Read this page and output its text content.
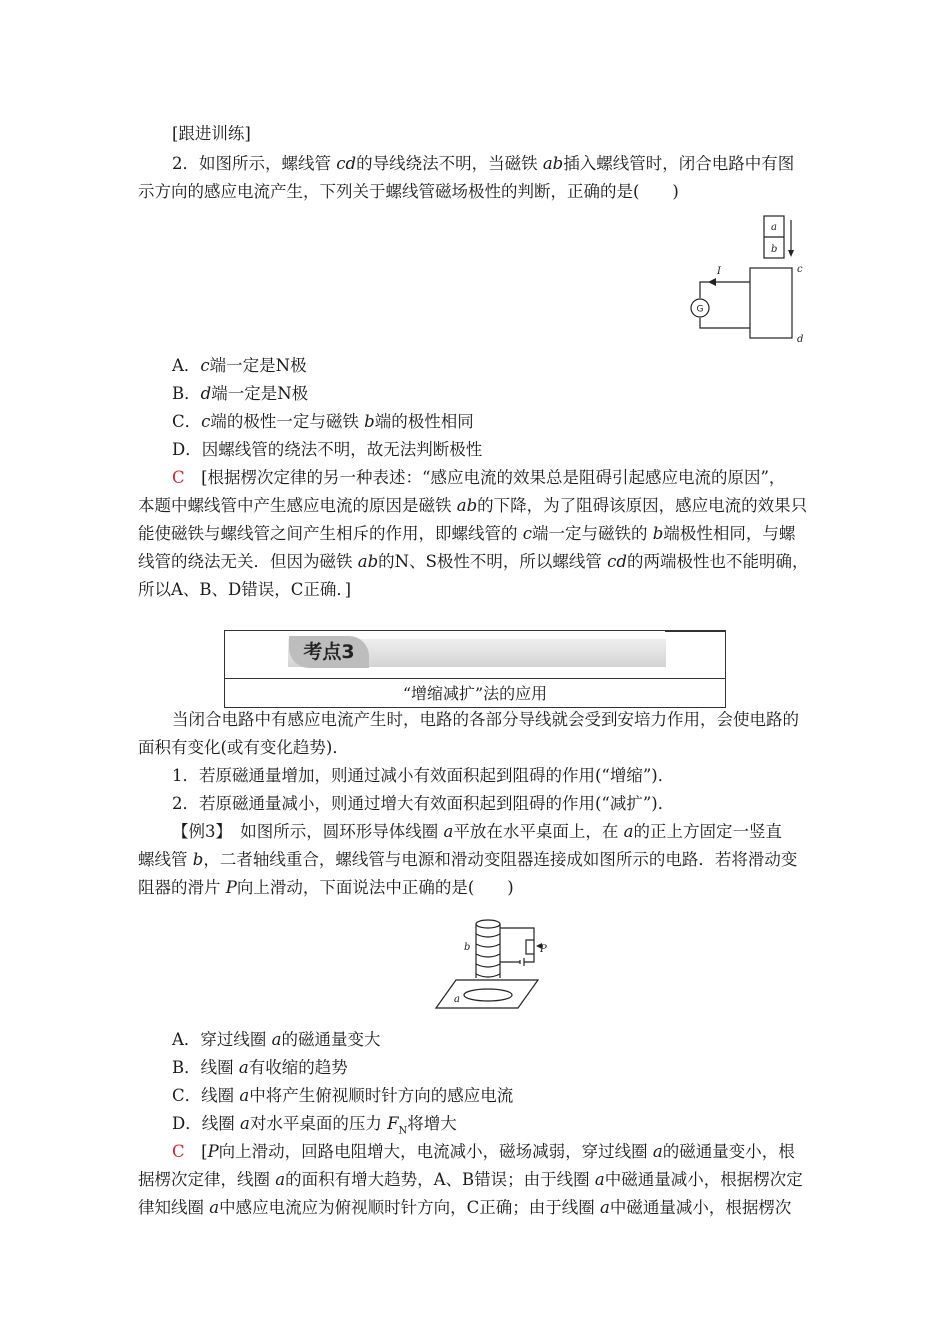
[跟进训练]
2．如图所示，螺线管 cd的导线绕法不明，当磁铁 ab插入螺线管时，闭合电路中有图
示方向的感应电流产生，下列关于螺线管磁场极性的判断，正确的是(　　)
a
b
c
d
I
G
A．c端一定是N极
B．d端一定是N极
C．c端的极性一定与磁铁 b端的极性相同
D．因螺线管的绕法不明，故无法判断极性
C　[根据楞次定律的另一种表述：“感应电流的效果总是阻碍引起感应电流的原因”，
本题中螺线管中产生感应电流的原因是磁铁 ab的下降，为了阻碍该原因，感应电流的效果只
能使磁铁与螺线管之间产生相斥的作用，即螺线管的 c端一定与磁铁的 b端极性相同，与螺
线管的绕法无关．但因为磁铁 ab的N、S极性不明，所以螺线管 cd的两端极性也不能明确，
所以A、B、D错误，C正确．]
考点3
“增缩减扩”法的应用
当闭合电路中有感应电流产生时，电路的各部分导线就会受到安培力作用，会使电路的
面积有变化(或有变化趋势)．
1．若原磁通量增加，则通过减小有效面积起到阻碍的作用(“增缩”)．
2．若原磁通量减小，则通过增大有效面积起到阻碍的作用(“减扩”)．
【例3】　如图所示，圆环形导体线圈 a平放在水平桌面上，在 a的正上方固定一竖直
螺线管 b，二者轴线重合，螺线管与电源和滑动变阻器连接成如图所示的电路．若将滑动变
阻器的滑片 P向上滑动，下面说法中正确的是(　　)
b	P
a
A．穿过线圈 a的磁通量变大
B．线圈 a有收缩的趋势
C．线圈 a中将产生俯视顺时针方向的感应电流
D．线圈 a对水平桌面的压力 $F_N$将增大
C　[P向上滑动，回路电阻增大，电流减小，磁场减弱，穿过线圈 a的磁通量变小，根
据楞次定律，线圈 a的面积有增大趋势，A、B错误；由于线圈 a中磁通量减小，根据楞次定
律知线圈 a中感应电流应为俯视顺时针方向，C正确；由于线圈 a中磁通量减小，根据楞次
